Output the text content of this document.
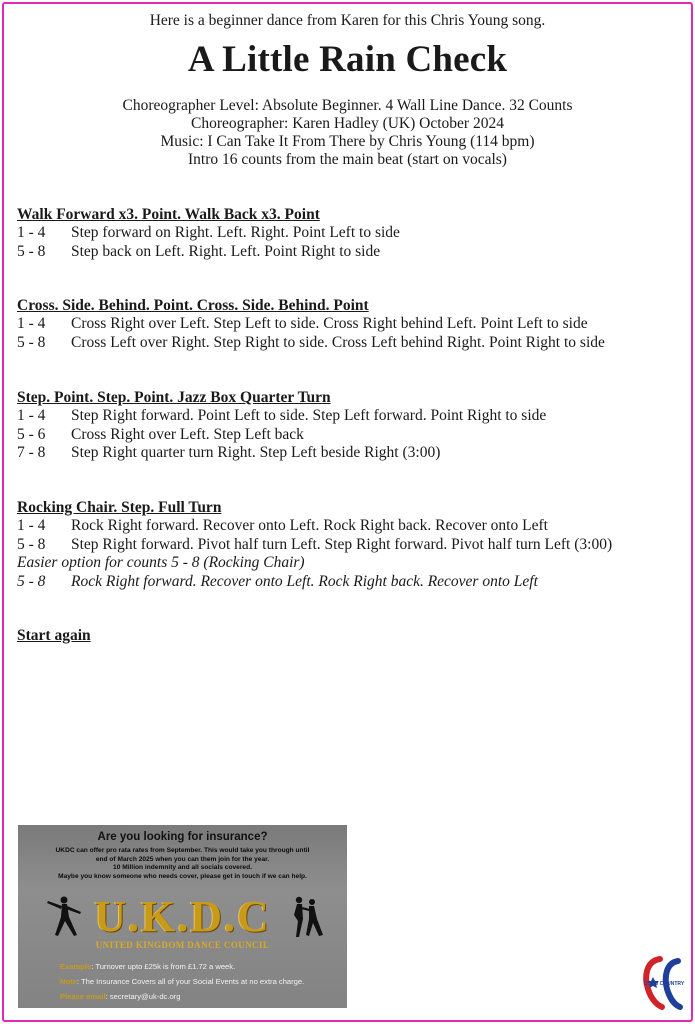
Here is a beginner dance from Karen for this Chris Young song.
A Little Rain Check
Choreographer Level: Absolute Beginner. 4 Wall Line Dance. 32 Counts
Choreographer: Karen Hadley (UK) October 2024
Music: I Can Take It From There by Chris Young (114 bpm)
Intro 16 counts from the main beat (start on vocals)
Walk Forward x3. Point. Walk Back x3. Point
1 - 4	Step forward on Right. Left. Right. Point Left to side
5 - 8	Step back on Left. Right. Left. Point Right to side
Cross. Side. Behind. Point. Cross. Side. Behind. Point
1 - 4	Cross Right over Left. Step Left to side. Cross Right behind Left. Point Left to side
5 - 8	Cross Left over Right. Step Right to side. Cross Left behind Right. Point Right to side
Step. Point. Step. Point. Jazz Box Quarter Turn
1 - 4	Step Right forward. Point Left to side. Step Left forward. Point Right to side
5 - 6	Cross Right over Left. Step Left back
7 - 8	Step Right quarter turn Right. Step Left beside Right (3:00)
Rocking Chair. Step. Full Turn
1 - 4	Rock Right forward. Recover onto Left. Rock Right back. Recover onto Left
5 - 8	Step Right forward. Pivot half turn Left. Step Right forward. Pivot half turn Left (3:00)
Easier option for counts 5 - 8 (Rocking Chair)
5 - 8	Rock Right forward. Recover onto Left. Rock Right back. Recover onto Left
Start again
Are you looking for insurance?
UKDC can offer pro rata rates from September. This would take you through until
end of March 2025 when you can them join for the year.
10 Million indemnity and all socials covered.
Maybe you know someone who needs cover, please get in touch if we can help.
U.K.D.C
UNITED KINGDOM DANCE COUNCIL
Example: Turnover upto £25k is from £1.72 a week.
Note: The Insurance Covers all of your Social Events at no extra charge.
Please email: secretary@uk-dc.org
CO 50 COUNTRY
